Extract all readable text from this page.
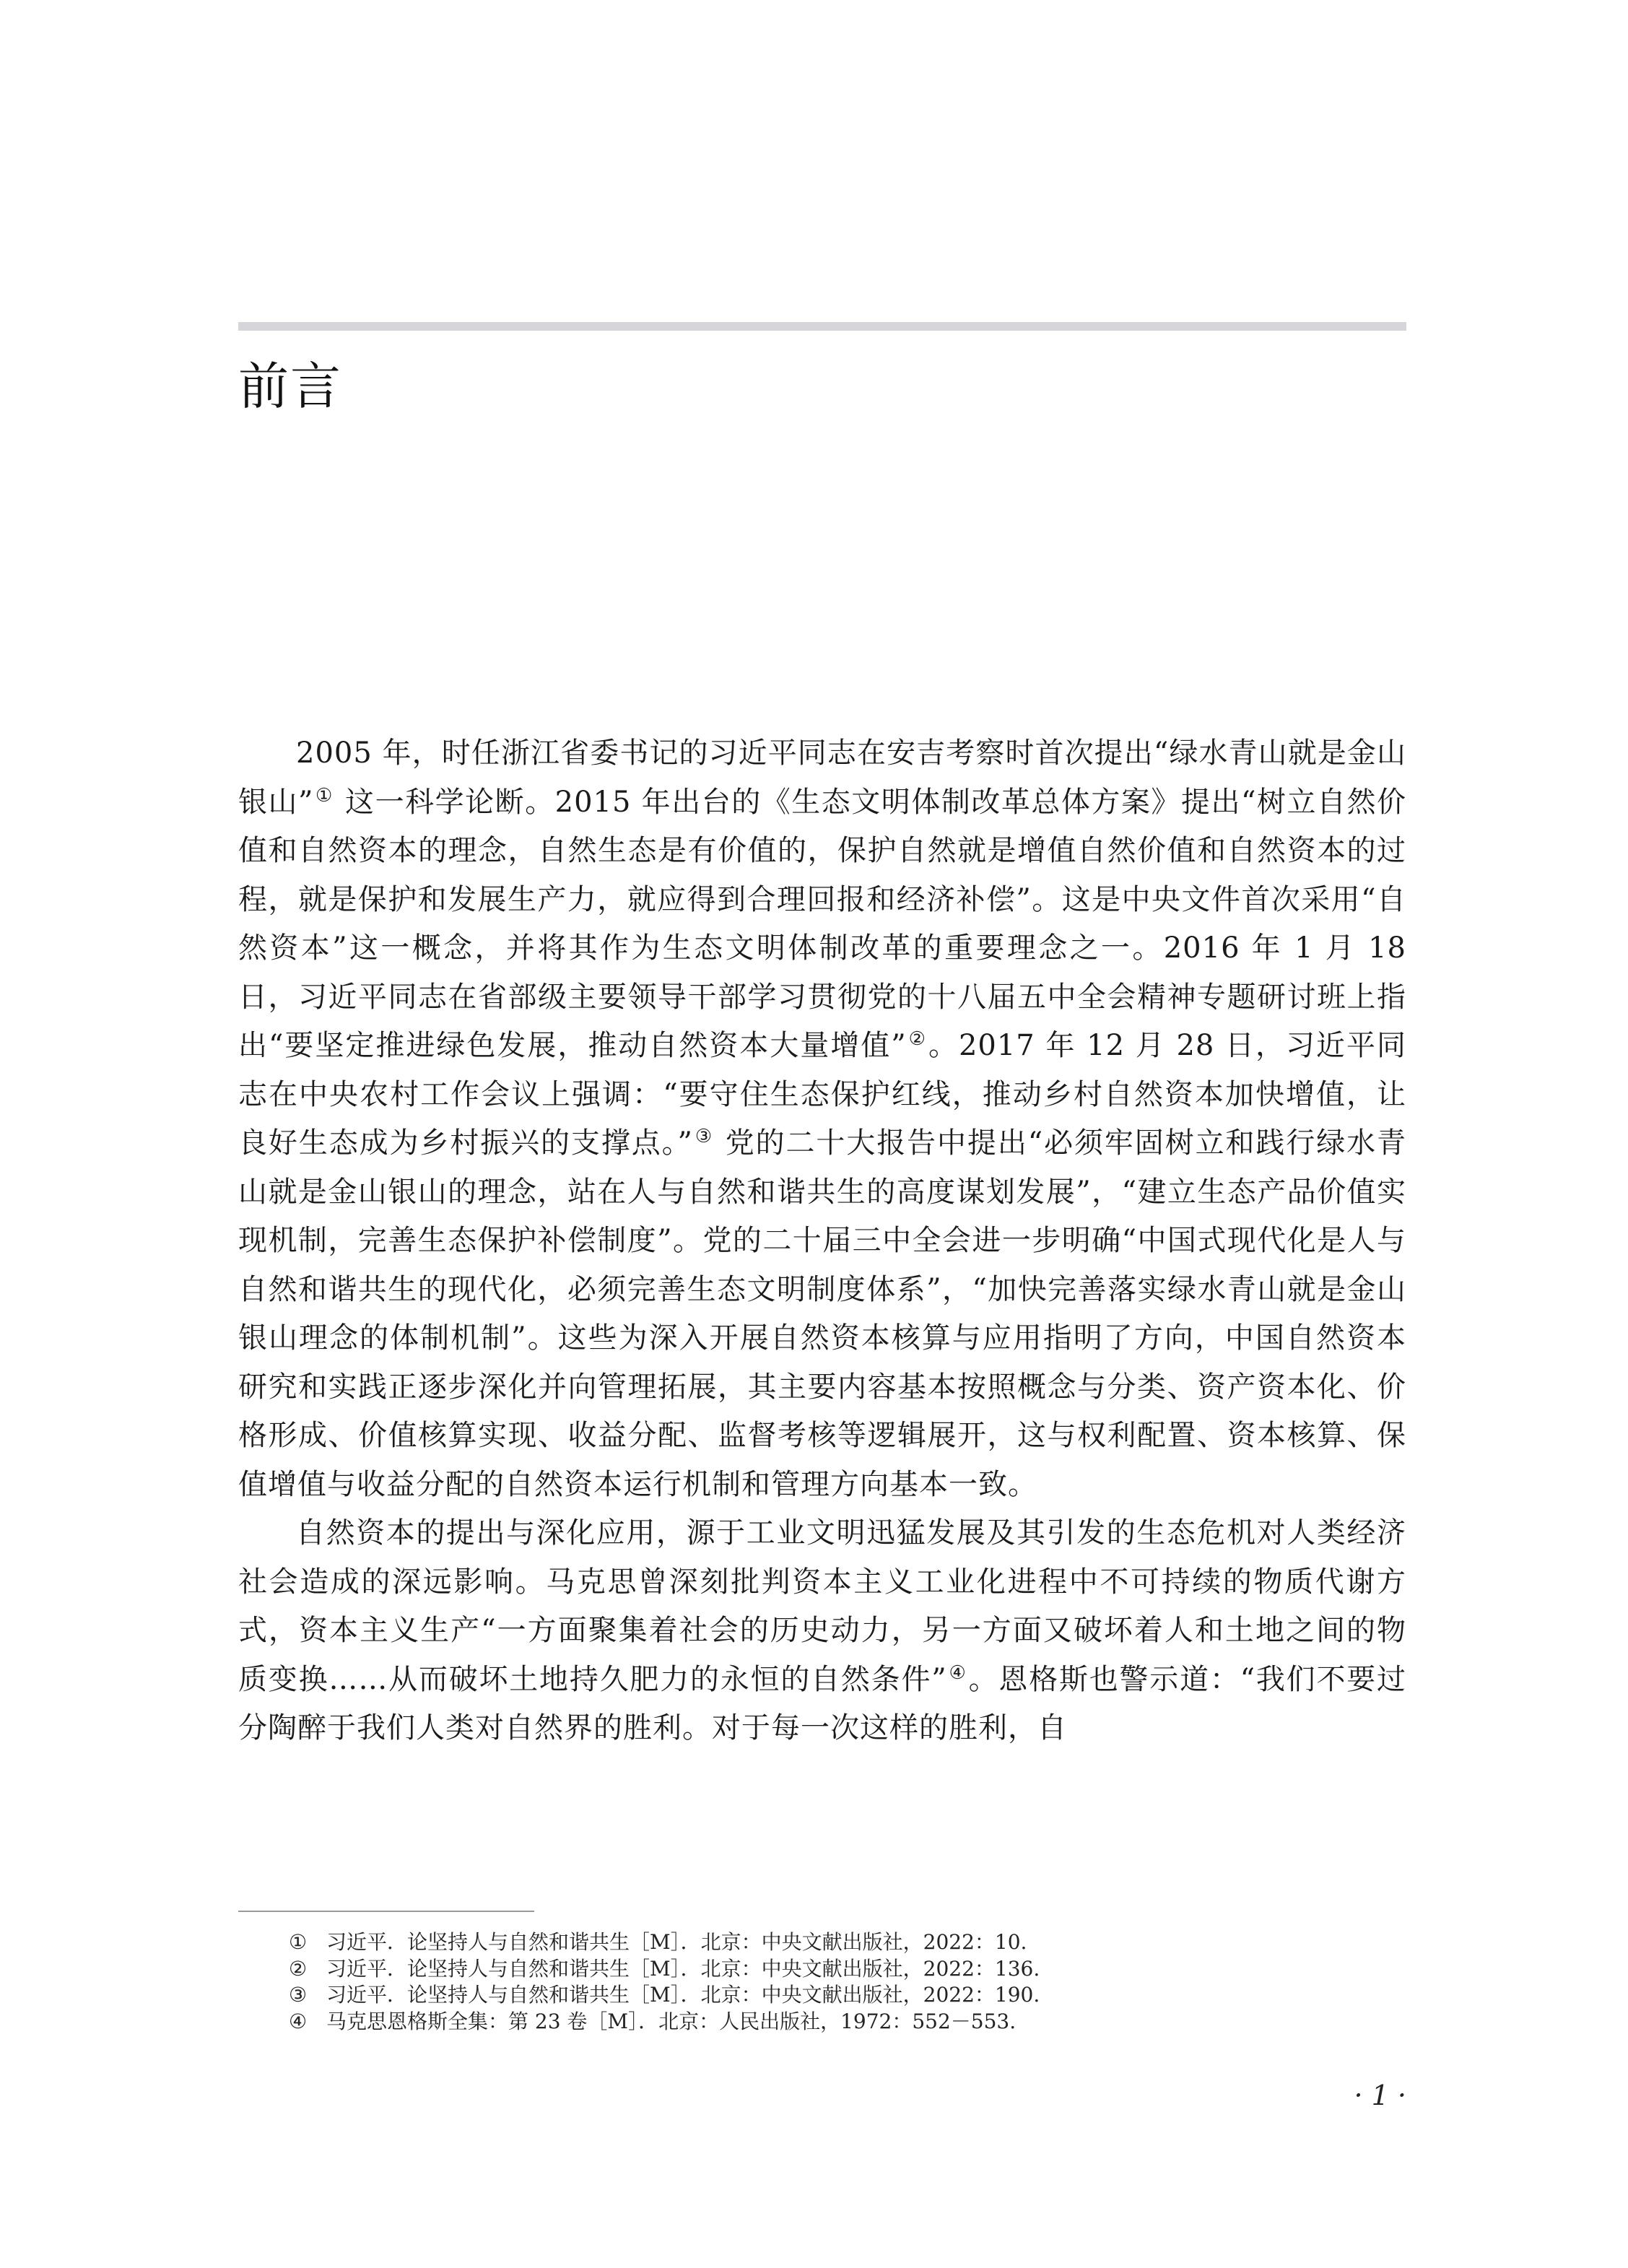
前言

2005 年，时任浙江省委书记的习近平同志在安吉考察时首次提出“绿水青山就是金山银山”① 这一科学论断。2015 年出台的《生态文明体制改革总体方案》提出“树立自然价值和自然资本的理念，自然生态是有价值的，保护自然就是增值自然价值和自然资本的过程，就是保护和发展生产力，就应得到合理回报和经济补偿”。这是中央文件首次采用“自然资本”这一概念，并将其作为生态文明体制改革的重要理念之一。2016 年 1 月 18 日，习近平同志在省部级主要领导干部学习贯彻党的十八届五中全会精神专题研讨班上指出“要坚定推进绿色发展，推动自然资本大量增值”②。2017 年 12 月 28 日，习近平同志在中央农村工作会议上强调：“要守住生态保护红线，推动乡村自然资本加快增值，让良好生态成为乡村振兴的支撑点。”③ 党的二十大报告中提出“必须牢固树立和践行绿水青山就是金山银山的理念，站在人与自然和谐共生的高度谋划发展”，“建立生态产品价值实现机制，完善生态保护补偿制度”。党的二十届三中全会进一步明确“中国式现代化是人与自然和谐共生的现代化，必须完善生态文明制度体系”，“加快完善落实绿水青山就是金山银山理念的体制机制”。这些为深入开展自然资本核算与应用指明了方向，中国自然资本研究和实践正逐步深化并向管理拓展，其主要内容基本按照概念与分类、资产资本化、价格形成、价值核算实现、收益分配、监督考核等逻辑展开，这与权利配置、资本核算、保值增值与收益分配的自然资本运行机制和管理方向基本一致。

自然资本的提出与深化应用，源于工业文明迅猛发展及其引发的生态危机对人类经济社会造成的深远影响。马克思曾深刻批判资本主义工业化进程中不可持续的物质代谢方式，资本主义生产“一方面聚集着社会的历史动力，另一方面又破坏着人和土地之间的物质变换……从而破坏土地持久肥力的永恒的自然条件”④。恩格斯也警示道：“我们不要过分陶醉于我们人类对自然界的胜利。对于每一次这样的胜利，自

① 习近平．论坚持人与自然和谐共生［M］．北京：中央文献出版社，2022：10.
② 习近平．论坚持人与自然和谐共生［M］．北京：中央文献出版社，2022：136.
③ 习近平．论坚持人与自然和谐共生［M］．北京：中央文献出版社，2022：190.
④ 马克思恩格斯全集：第 23 卷［M］．北京：人民出版社，1972：552－553.
· 1 ·
